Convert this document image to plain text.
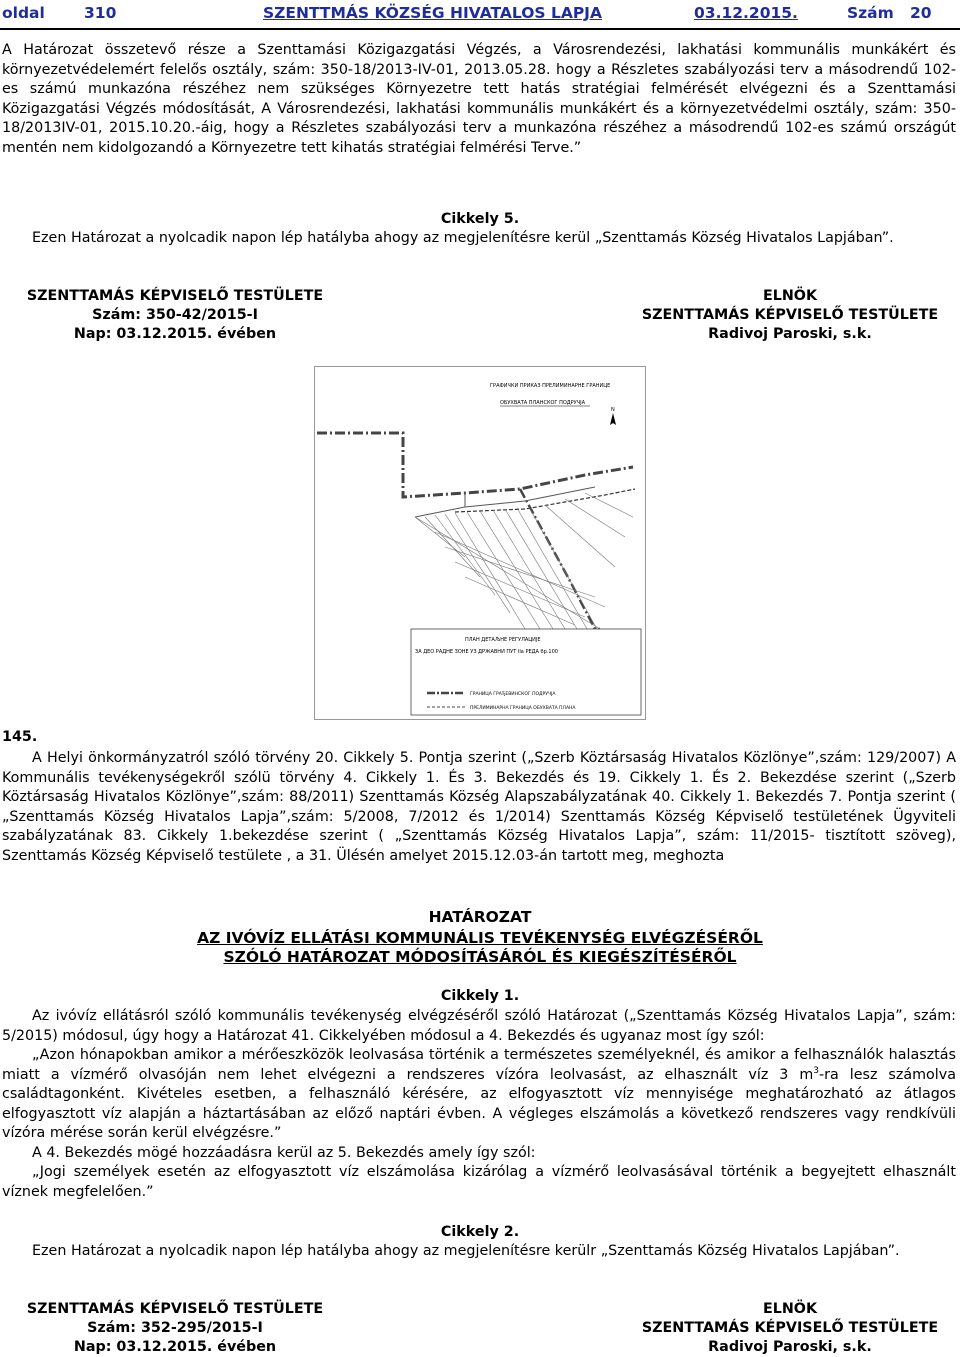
oldal	310	SZENTTMÁS KÖZSÉG HIVATALOS LAPJA	03.12.2015.	Szám   20
A Határozat összetevő része a Szenttamási Közigazgatási Végzés, a Városrendezési, lakhatási kommunális munkákért és környezetvédelemért felelős osztály, szám: 350-18/2013-IV-01, 2013.05.28. hogy a Részletes szabályozási terv a másodrendű 102-es számú munkazóna részéhez nem szükséges Környezetre tett hatás stratégiai felmérését elvégezni és a Szenttamási Közigazgatási Végzés módosítását, A Városrendezési, lakhatási kommunális munkákért és a környezetvédelmi osztály, szám: 350-18/2013IV-01, 2015.10.20.-áig, hogy a Részletes szabályozási terv a munkazóna részéhez a másodrendű 102-es számú országút mentén nem kidolgozandó a Környezetre tett kihatás stratégiai felmérési Terve.”
Cikkely 5.
Ezen Határozat a nyolcadik napon lép hatályba ahogy az megjelenítésre kerül „Szenttamás Község Hivatalos Lapjában”.
SZENTTAMÁS KÉPVISELŐ TESTÜLETE
Szám: 350-42/2015-I
Nap: 03.12.2015. évében
ELNÖK
SZENTTAMÁS KÉPVISELŐ TESTÜLETE
Radivoj Paroski, s.k.
ГРАФИЧКИ ПРИКАЗ ПРЕЛИМИНАРНЕ ГРАНИЦЕ
ОБУХВАТА ПЛАНСКОГ ПОДРУЧЈА
N
ПЛАН ДЕТАЉНЕ РЕГУЛАЦИЈЕ
ЗА ДЕО РАДНЕ ЗОНЕ УЗ ДРЖАВНИ ПУТ IIa РЕДА бр.100
ГРАНИЦА ГРАЂЕВИНСКОГ ПОДРУЧЈА
ПРЕЛИМИНАРНА ГРАНИЦА ОБУХВАТА ПЛАНА
145.
A Helyi önkormányzatról szóló törvény 20. Cikkely 5. Pontja szerint („Szerb Köztársaság Hivatalos Közlönye”,szám: 129/2007) A Kommunális tevékenységekről szólü törvény 4. Cikkely 1. És 3. Bekezdés és 19. Cikkely 1. És 2. Bekezdése szerint („Szerb Köztársaság Hivatalos Közlönye”,szám: 88/2011) Szenttamás Község Alapszabályzatának 40. Cikkely 1. Bekezdés 7. Pontja szerint ( „Szenttamás Község Hivatalos Lapja”,szám: 5/2008, 7/2012 és 1/2014) Szenttamás Község Képviselő testületének Ügyviteli szabályzatának 83. Cikkely 1.bekezdése szerint ( „Szenttamás Község Hivatalos Lapja”, szám: 11/2015- tisztított szöveg), Szenttamás Község Képviselő testülete , a 31. Ülésén amelyet 2015.12.03-án tartott meg, meghozta
HATÁROZAT
AZ IVÓVÍZ ELLÁTÁSI KOMMUNÁLIS TEVÉKENYSÉG ELVÉGZÉSÉRŐL
SZÓLÓ HATÁROZAT MÓDOSÍTÁSÁRÓL ÉS KIEGÉSZÍTÉSÉRŐL
Cikkely 1.

Az ivóvíz ellátásról szóló kommunális tevékenység elvégzéséről szóló Határozat („Szenttamás Község Hivatalos Lapja”, szám: 5/2015) módosul, úgy hogy a Határozat 41. Cikkelyében módosul a 4. Bekezdés és ugyanaz most így szól:

„Azon hónapokban amikor a mérőeszközök leolvasása történik a természetes személyeknél, és amikor a felhasználók halasztás miatt a vízmérő olvasóján nem lehet elvégezni a rendszeres vízóra leolvasást, az elhasznált víz 3 $m^3-ra$ lesz számolva családtagonként. Kivételes esetben, a felhasználó kérésére, az elfogyasztott víz mennyisége meghatározható az átlagos elfogyasztott víz alapján a háztartásában az előző naptári évben. A végleges elszámolás a következő rendszeres vagy rendkívüli vízóra mérése során kerül elvégzésre.”

A 4. Bekezdés mögé hozzáadásra kerül az 5. Bekezdés amely így szól:

„Jogi személyek esetén az elfogyasztott víz elszámolása kizárólag a vízmérő leolvasásával történik a begyejtett elhasznált víznek megfelelően.”

Cikkely 2.
Ezen Határozat a nyolcadik napon lép hatályba ahogy az megjelenítésre kerülr „Szenttamás Község Hivatalos Lapjában”.
SZENTTAMÁS KÉPVISELŐ TESTÜLETE
Szám: 352-295/2015-I
Nap: 03.12.2015. évében
ELNÖK
SZENTTAMÁS KÉPVISELŐ TESTÜLETE
Radivoj Paroski, s.k.
